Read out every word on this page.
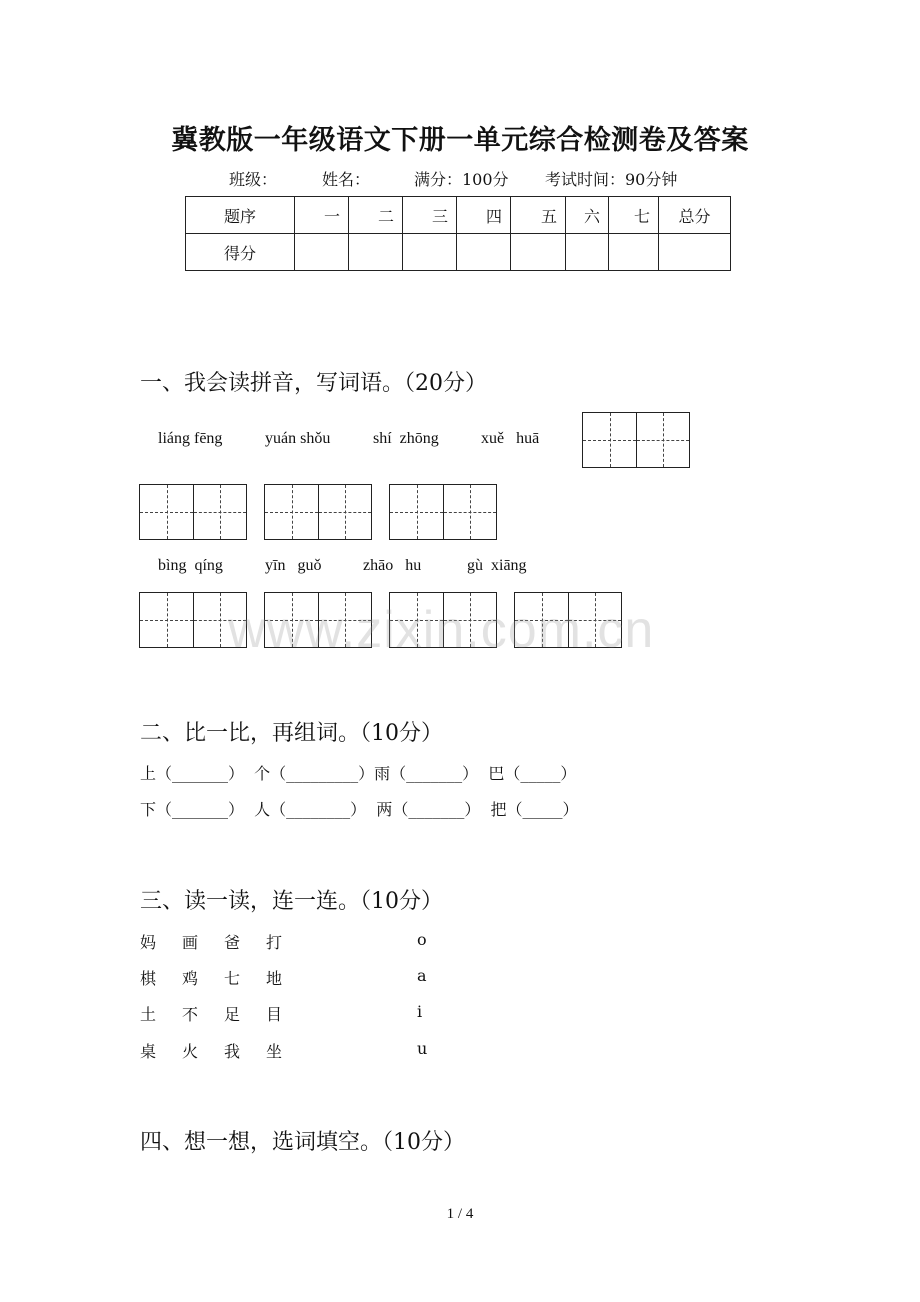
冀教版一年级语文下册一单元综合检测卷及答案
班级：	姓名：	满分：100分 考试时间：90分钟
题序	一	二	三	四	五	六	七	总分
得分								
一、我会读拼音，写词语。（20分）
liáng fēng	yuán shǒu	shí  zhōng	xuě   huā
bìng  qíng	yīn   guǒ	zhāo   hu	gù  xiāng
www.zixin.com.cn
二、比一比，再组词。（10分）
上（_______）  个（_________）雨（_______）  巴（_____）
下（_______）  人（________）  两（_______）  把（_____）
三、读一读，连一连。（10分）
妈 画 爸 打	o
棋 鸡 七 地	a
土 不 足 目	i
桌 火 我 坐	u
四、想一想，选词填空。（10分）
1 / 4
